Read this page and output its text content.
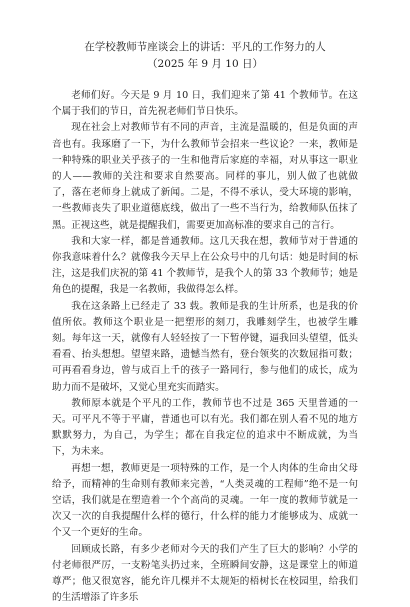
在学校教师节座谈会上的讲话：平凡的工作努力的人
（2025 年 9 月 10 日）

老师们好。今天是 9 月 10 日，我们迎来了第 41 个教师节。在这个属于我们的节日，首先祝老师们节日快乐。

现在社会上对教师节有不同的声音，主流是温暖的，但是负面的声音也有。我琢磨了一下，为什么教师节会招来一些议论？一来，教师是一种特殊的职业关乎孩子的一生和他背后家庭的幸福，对从事这一职业的人——教师的关注和要求自然要高。同样的事儿，别人做了也就做了，落在老师身上就成了新闻。二是，不得不承认，受大环境的影响，一些教师丧失了职业道德底线，做出了一些不当行为，给教师队伍抹了黑。正视这些，就是提醒我们，需要更加高标准的要求自己的言行。

我和大家一样，都是普通教师。这几天我在想，教师节对于普通的你我意味着什么？就像我今天早上在公众号中的几句话：她是时间的标注，这是我们庆祝的第 41 个教师节，是我个人的第 33 个教师节；她是角色的提醒，我是一名教师，我做得怎么样。

我在这条路上已经走了 33 载。教师是我的生计所系，也是我的价值所依。教师这个职业是一把塑形的刻刀，我雕刻学生，也被学生雕刻。每年这一天，就像有人轻轻按了一下暂停键，逼我回头望望，低头看看、抬头想想。望望来路，遗憾当然有，登台领奖的次数屈指可数；可再看看身边，曾与成百上千的孩子一路同行，参与他们的成长，成为助力而不是破坏，又觉心里充实而踏实。

教师原本就是个平凡的工作，教师节也不过是 365 天里普通的一天。可平凡不等于平庸，普通也可以有光。我们都在别人看不见的地方默默努力，为自己，为学生；都在自我定位的追求中不断成就，为当下，为未来。

再想一想，教师更是一项特殊的工作，是一个人肉体的生命由父母给予，而精神的生命则有教师来完善，“人类灵魂的工程师”绝不是一句空话，我们就是在塑造着一个个高尚的灵魂。一年一度的教师节就是一次又一次的自我提醒什么样的德行，什么样的能力才能够成为、成就一个又一个更好的生命。

回顾成长路，有多少老师对今天的我们产生了巨大的影响？小学的付老师很严厉，一支粉笔头扔过来，全班瞬间安静，这是课堂上的师道尊严；他又很宽容，能允许几棵并不太规矩的梧树长在校园里，给我们的生活增添了许多乐
